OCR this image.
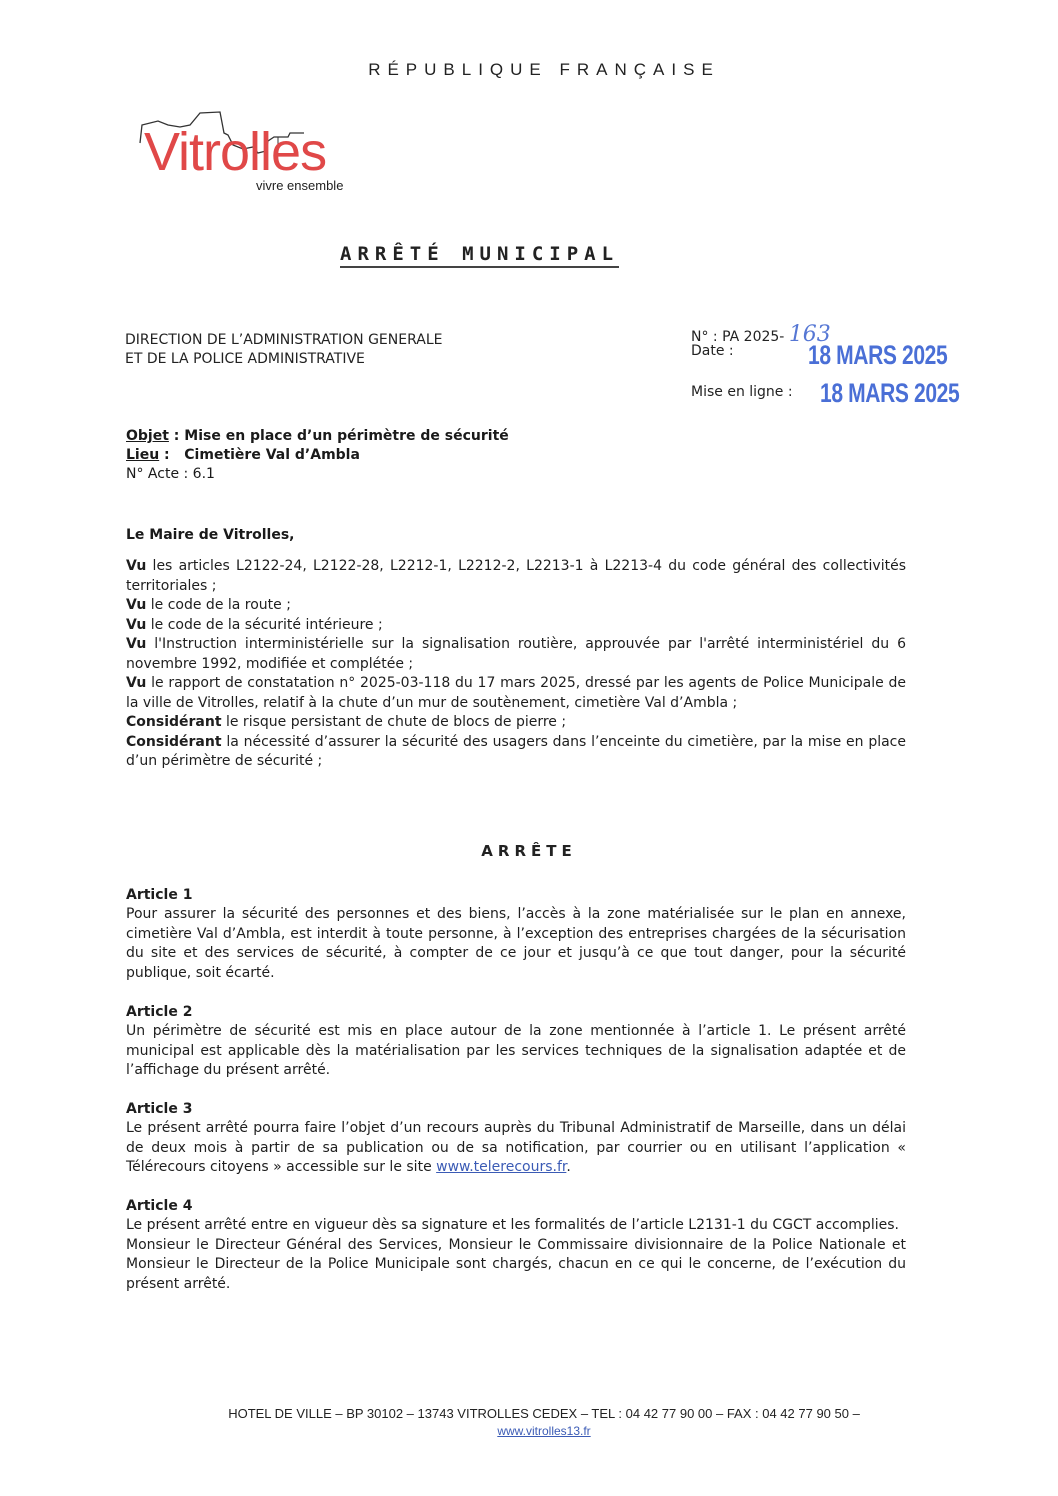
RÉPUBLIQUE FRANÇAISE
Vitrolles
vivre ensemble
ARRÊTÉ MUNICIPAL
DIRECTION DE L’ADMINISTRATION GENERALE
ET DE LA POLICE ADMINISTRATIVE
N° : PA 2025- 163
Date :	18 MARS 2025
Mise en ligne : 18 MARS 2025
Objet : Mise en place d’un périmètre de sécurité
Lieu :   Cimetière Val d’Ambla
N° Acte : 6.1
Le Maire de Vitrolles,

Vu les articles L2122-24, L2122-28, L2212-1, L2212-2, L2213-1 à L2213-4 du code général des collectivités territoriales ;

Vu le code de la route ;

Vu le code de la sécurité intérieure ;

Vu l'Instruction interministérielle sur la signalisation routière, approuvée par l'arrêté interministériel du 6 novembre 1992, modifiée et complétée ;

Vu le rapport de constatation n° 2025-03-118 du 17 mars 2025, dressé par les agents de Police Municipale de la ville de Vitrolles, relatif à la chute d’un mur de soutènement, cimetière Val d’Ambla ;

Considérant le risque persistant de chute de blocs de pierre ;

Considérant la nécessité d’assurer la sécurité des usagers dans l’enceinte du cimetière, par la mise en place d’un périmètre de sécurité ;

ARRÊTE
Article 1

Pour assurer la sécurité des personnes et des biens, l’accès à la zone matérialisée sur le plan en annexe, cimetière Val d’Ambla, est interdit à toute personne, à l’exception des entreprises chargées de la sécurisation du site et des services de sécurité, à compter de ce jour et jusqu’à ce que tout danger, pour la sécurité publique, soit écarté.

Article 2

Un périmètre de sécurité est mis en place autour de la zone mentionnée à l’article 1. Le présent arrêté municipal est applicable dès la matérialisation par les services techniques de la signalisation adaptée et de l’affichage du présent arrêté.

Article 3

Le présent arrêté pourra faire l’objet d’un recours auprès du Tribunal Administratif de Marseille, dans un délai de deux mois à partir de sa publication ou de sa notification, par courrier ou en utilisant l’application « Télérecours citoyens » accessible sur le site www.telerecours.fr.

Article 4

Le présent arrêté entre en vigueur dès sa signature et les formalités de l’article L2131-1 du CGCT accomplies.

Monsieur le Directeur Général des Services, Monsieur le Commissaire divisionnaire de la Police Nationale et Monsieur le Directeur de la Police Municipale sont chargés, chacun en ce qui le concerne, de l’exécution du présent arrêté.

HOTEL DE VILLE – BP 30102 – 13743 VITROLLES CEDEX – TEL : 04 42 77 90 00 – FAX : 04 42 77 90 50 –
www.vitrolles13.fr
